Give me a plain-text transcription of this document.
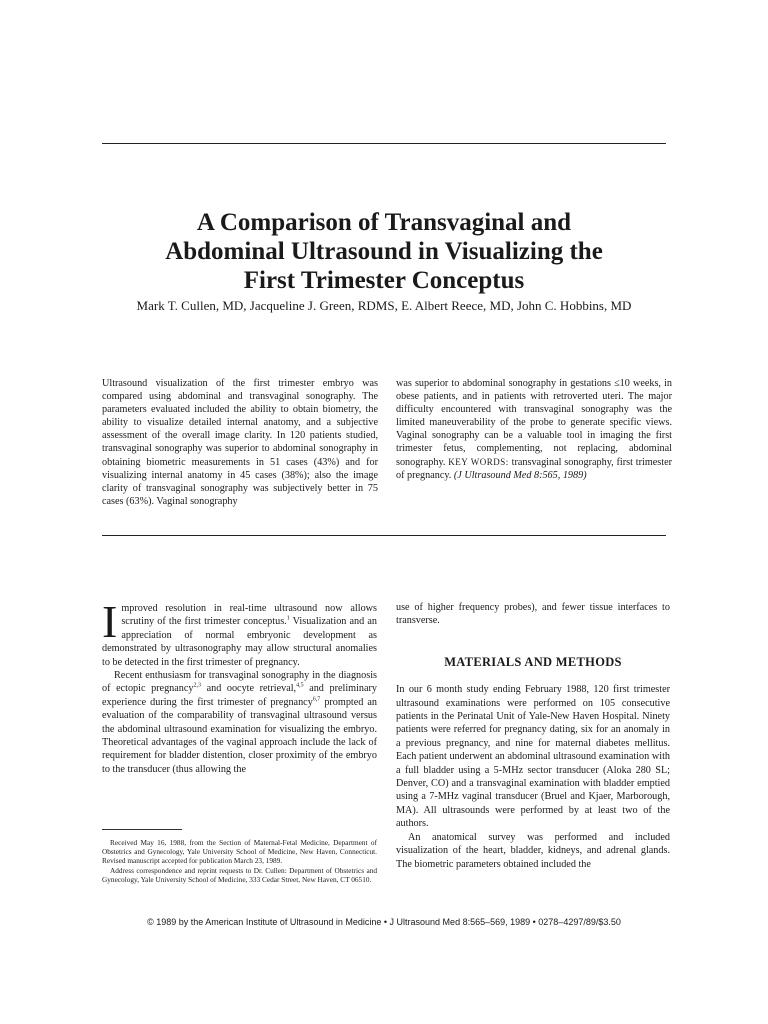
A Comparison of Transvaginal and
Abdominal Ultrasound in Visualizing the
First Trimester Conceptus
Mark T. Cullen, MD, Jacqueline J. Green, RDMS, E. Albert Reece, MD, John C. Hobbins, MD

Ultrasound visualization of the first trimester embryo was compared using abdominal and transvaginal sonography. The parameters evaluated included the ability to obtain biometry, the ability to visualize detailed internal anatomy, and a subjective assessment of the overall image clarity. In 120 patients studied, transvaginal sonography was superior to abdominal sonography in obtaining biometric measurements in 51 cases (43%) and for visualizing internal anatomy in 45 cases (38%); also the image clarity of transvaginal sonography was subjectively better in 75 cases (63%). Vaginal sonography

was superior to abdominal sonography in gestations ≤10 weeks, in obese patients, and in patients with retroverted uteri. The major difficulty encountered with transvaginal sonography was the limited maneuverability of the probe to generate specific views. Vaginal sonography can be a valuable tool in imaging the first trimester fetus, complementing, not replacing, abdominal sonography. KEY WORDS: transvaginal sonography, first trimester of pregnancy. (J Ultrasound Med 8:565, 1989)

Improved resolution in real-time ultrasound now allows scrutiny of the first trimester conceptus.$^1$ Visualization and an appreciation of normal embryonic development as demonstrated by ultrasonography may allow structural anomalies to be detected in the first trimester of pregnancy.

Recent enthusiasm for transvaginal sonography in the diagnosis of ectopic pregnancy$^{2,3}$ and oocyte retrieval,$^{4,5}$ and preliminary experience during the first trimester of pregnancy$^{6,7}$ prompted an evaluation of the comparability of transvaginal ultrasound versus the abdominal ultrasound examination for visualizing the embryo. Theoretical advantages of the vaginal approach include the lack of requirement for bladder distention, closer proximity of the embryo to the transducer (thus allowing the

Received May 16, 1988, from the Section of Maternal-Fetal Medicine, Department of Obstetrics and Gynecology, Yale University School of Medicine, New Haven, Connecticut. Revised manuscript accepted for publication March 23, 1989.

Address correspondence and reprint requests to Dr. Cullen: Department of Obstetrics and Gynecology, Yale University School of Medicine, 333 Cedar Street, New Haven, CT 06510.

use of higher frequency probes), and fewer tissue interfaces to transverse.

MATERIALS AND METHODS

In our 6 month study ending February 1988, 120 first trimester ultrasound examinations were performed on 105 consecutive patients in the Perinatal Unit of Yale-New Haven Hospital. Ninety patients were referred for pregnancy dating, six for an anomaly in a previous pregnancy, and nine for maternal diabetes mellitus. Each patient underwent an abdominal ultrasound examination with a full bladder using a 5-MHz sector transducer (Aloka 280 SL; Denver, CO) and a transvaginal examination with bladder emptied using a 7-MHz vaginal transducer (Bruel and Kjaer, Marborough, MA). All ultrasounds were performed by at least two of the authors.

An anatomical survey was performed and included visualization of the heart, bladder, kidneys, and adrenal glands. The biometric parameters obtained included the

© 1989 by the American Institute of Ultrasound in Medicine • J Ultrasound Med 8:565–569, 1989 • 0278–4297/89/$3.50
